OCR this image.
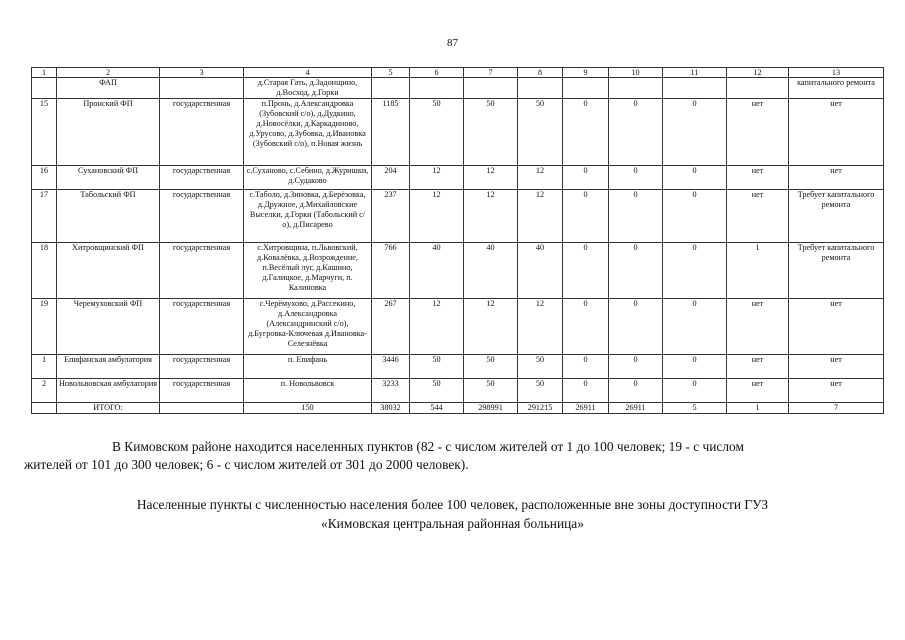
87
1	2	3	4	5	6	7	8	9	10	11	12	13
	ФАП		д.Старая Гать, д.Задонщино, д.Восход, д.Горки									капитального ремонта
15	Пронский ФП	государственная	п.Пронь, д.Александровка (Зубовский с/о), д.Дудкино, д.Новосёлки, д.Каркадиново, д.Урусово, д.Зубовка, д.Ивановка (Зубовский с/о), п.Новая жизнь	1185	50	50	50	0	0	0	нет	нет
16	Сухановский ФП	государственная	с.Суханово, с.Себино, д.Журишки, д.Судаково	204	12	12	12	0	0	0	нет	нет
17	Табольский ФП	государственная	с.Таболо, д.Зиновка, д.Берёзовка, д.Дружное, д.Михайловские Выселки, д.Горки (Табольский с/о), д.Писарево	237	12	12	12	0	0	0	нет	Требует капитального ремонта
18	Хитровщинский ФП	государственная	с.Хитровщина, п.Львовский, д.Ковалёвка, д.Возрождение, п.Весёлый луг, д.Кашино, д.Галицкое, д.Марчуги, п. Калиновка	766	40	40	40	0	0	0	1	Требует капитального ремонта
19	Черемуховский ФП	государственная	с.Черёмухово, д.Рассекино, д.Александровка (Александринский с/о), д.Бугровка-Ключевая д.Ивановка-Селезнёвка	267	12	12	12	0	0	0	нет	нет
1	Епифанская амбулатория	государственная	п. Епифань	3446	50	50	50	0	0	0	нет	нет
2	Новольвовская амбулатория	государственная	п. Новольвовск	3233	50	50	50	0	0	0	нет	нет
	ИТОГО:		150	38032	544	298991	291215	26911	26911	5	1	7
В Кимовском районе находится населенных пунктов (82 - с числом жителей от 1 до 100 человек; 19 - с числом
жителей от 101 до 300 человек; 6 - с числом жителей от 301 до 2000 человек).
Населенные пункты с численностью населения более 100 человек, расположенные вне зоны доступности ГУЗ
«Кимовская центральная районная больница»
